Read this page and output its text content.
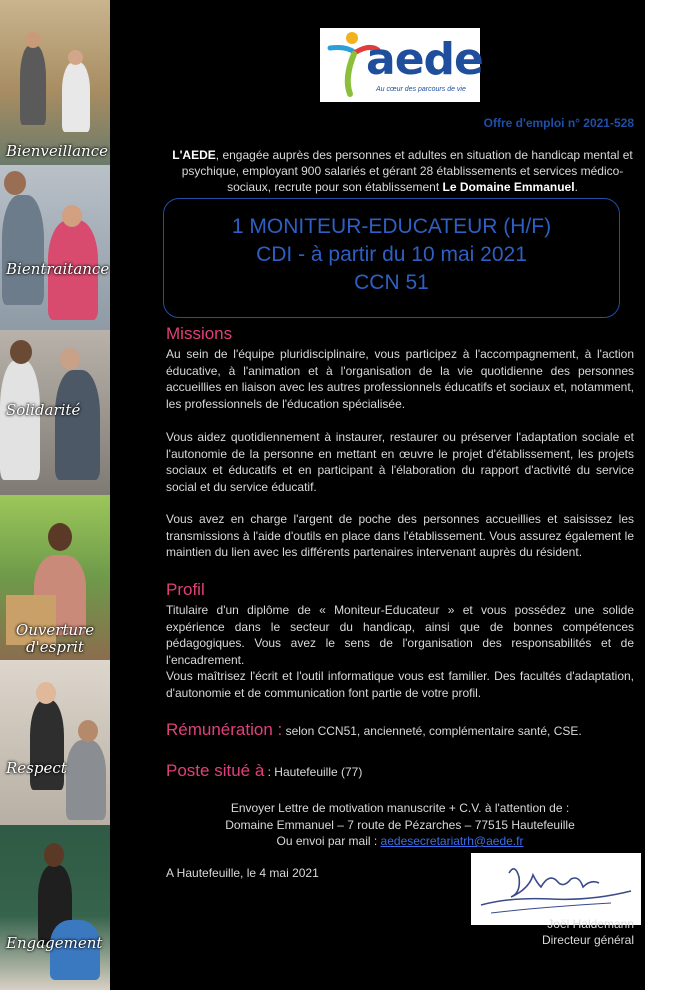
Bienveillance
Bientraitance
Solidarité
Ouverture d'esprit
Respect
Engagement
aede
Au cœur des parcours de vie
Offre d'emploi n° 2021-528
L'AEDE, engagée auprès des personnes et adultes en situation de handicap mental et psychique, employant 900 salariés et gérant 28 établissements et services médico-sociaux, recrute pour son établissement Le Domaine Emmanuel.
1 MONITEUR-EDUCATEUR (H/F)
CDI - à partir du 10 mai 2021
CCN 51
Missions
Au sein de l'équipe pluridisciplinaire, vous participez à l'accompagnement, à l'action éducative, à l'animation et à l'organisation de la vie quotidienne des personnes accueillies en liaison avec les autres professionnels éducatifs et sociaux et, notamment, les professionnels de l'éducation spécialisée.
Vous aidez quotidiennement à instaurer, restaurer ou préserver l'adaptation sociale et l'autonomie de la personne en mettant en œuvre le projet d'établissement, les projets sociaux et éducatifs et en participant à l'élaboration du rapport d'activité du service social et du service éducatif.
Vous avez en charge l'argent de poche des personnes accueillies et saisissez les transmissions à l'aide d'outils en place dans l'établissement. Vous assurez également le maintien du lien avec les différents partenaires intervenant auprès du résident.
Profil
Titulaire d'un diplôme de « Moniteur-Educateur » et vous possédez une solide expérience dans le secteur du handicap, ainsi que de bonnes compétences pédagogiques. Vous avez le sens de l'organisation des responsabilités et de l'encadrement.
Vous maîtrisez l'écrit et l'outil informatique vous est familier. Des facultés d'adaptation, d'autonomie et de communication font partie de votre profil.
Rémunération : selon CCN51, ancienneté, complémentaire santé, CSE.
Poste situé à : Hautefeuille (77)
Envoyer Lettre de motivation manuscrite + C.V. à l'attention de :
Domaine Emmanuel – 7 route de Pézarches – 77515 Hautefeuille
Ou envoi par mail : aedesecretariatrh@aede.fr
A Hautefeuille, le 4 mai 2021
Joël Haldemann
Directeur général
